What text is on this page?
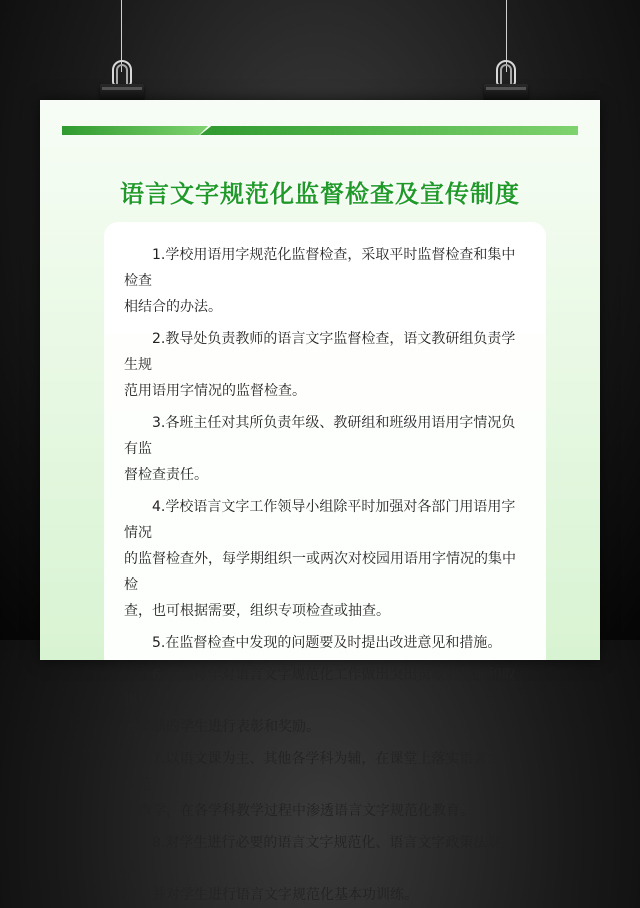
语言文字规范化监督检查及宣传制度
1.学校用语用字规范化监督检查，采取平时监督检查和集中检查
相结合的办法。
2.教导处负责教师的语言文字监督检查，语文教研组负责学生规
范用语用字情况的监督检查。
3.各班主任对其所负责年级、教研组和班级用语用字情况负有监
督检查责任。
4.学校语言文字工作领导小组除平时加强对各部门用语用字情况
的监督检查外，每学期组织一或两次对校园用语用字情况的集中检
查，也可根据需要，组织专项检查或抽查。
5.在监督检查中发现的问题要及时提出改进意见和措施。
6.学校每年对语言文字规范化工作做出突出贡献的教师和取得优
异成绩的学生进行表彰和奖励。
7.以语文课为主、其他各学科为辅，在课堂上落实语言文字规范
化教学，在各学科教学过程中渗透语言文字规范化教育。
8.对学生进行必要的语言文字规范化、语言文字政策法规等教
育，并对学生进行语言文字规范化基本功训练。
